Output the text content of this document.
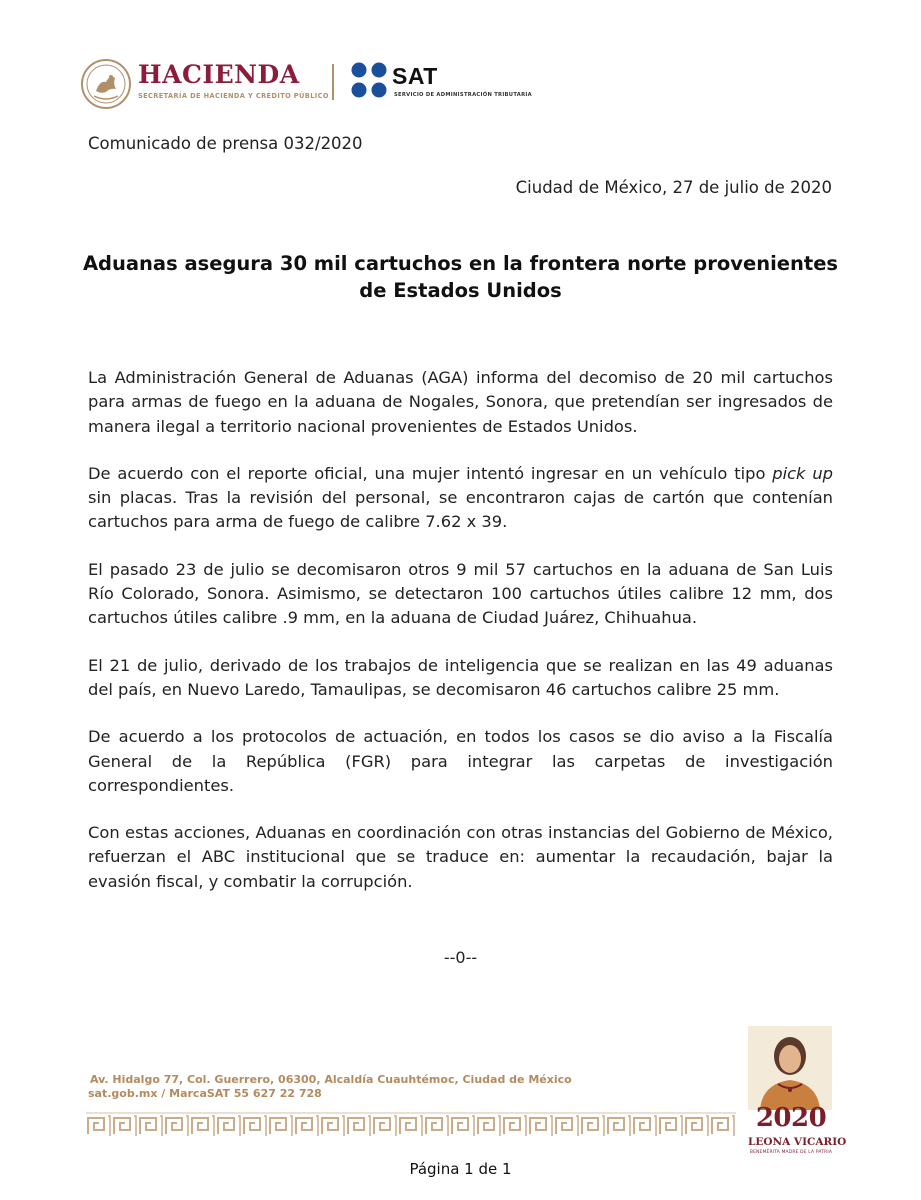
HACIENDA
SECRETARÍA DE HACIENDA Y CRÉDITO PÚBLICO
SAT
SERVICIO DE ADMINISTRACIÓN TRIBUTARIA
Comunicado de prensa 032/2020
Ciudad de México, 27 de julio de 2020
Aduanas asegura 30 mil cartuchos en la frontera norte provenientes
de Estados Unidos

La Administración General de Aduanas (AGA) informa del decomiso de 20 mil cartuchos para armas de fuego en la aduana de Nogales, Sonora, que pretendían ser ingresados de manera ilegal a territorio nacional provenientes de Estados Unidos.

De acuerdo con el reporte oficial, una mujer intentó ingresar en un vehículo tipo pick up sin placas. Tras la revisión del personal, se encontraron cajas de cartón que contenían cartuchos para arma de fuego de calibre 7.62 x 39.

El pasado 23 de julio se decomisaron otros 9 mil 57 cartuchos en la aduana de San Luis Río Colorado, Sonora. Asimismo, se detectaron 100 cartuchos útiles calibre 12 mm, dos cartuchos útiles calibre .9 mm, en la aduana de Ciudad Juárez, Chihuahua.

El 21 de julio, derivado de los trabajos de inteligencia que se realizan en las 49 aduanas del país, en Nuevo Laredo, Tamaulipas, se decomisaron 46 cartuchos calibre 25 mm.

De acuerdo a los protocolos de actuación, en todos los casos se dio aviso a la Fiscalía General de la República (FGR) para integrar las carpetas de investigación correspondientes.

Con estas acciones, Aduanas en coordinación con otras instancias del Gobierno de México, refuerzan el ABC institucional que se traduce en: aumentar la recaudación, bajar la evasión fiscal, y combatir la corrupción.

--0--
Av. Hidalgo 77, Col. Guerrero, 06300, Alcaldía Cuauhtémoc, Ciudad de México
sat.gob.mx / MarcaSAT 55 627 22 728
2020
LEONA VICARIO
BENEMÉRITA MADRE DE LA PATRIA
Página 1 de 1
